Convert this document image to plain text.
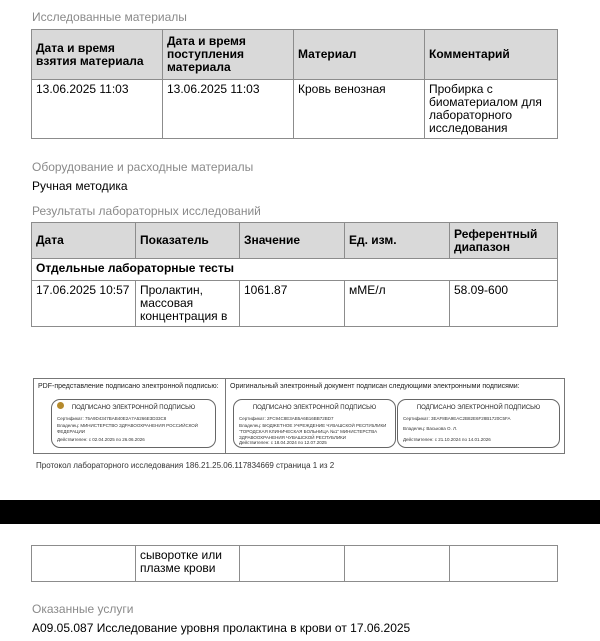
Исследованные материалы
Дата и время взятия материала	Дата и время поступления материала	Материал	Комментарий
13.06.2025 11:03	13.06.2025 11:03	Кровь венозная	Пробирка с биоматериалом для лабораторного исследования
Оборудование и расходные материалы
Ручная методика
Результаты лабораторных исследований
Дата	Показатель	Значение	Ед. изм.	Референтный диапазон
Отдельные лабораторные тесты				
17.06.2025 10:57	Пролактин, массовая концентрация в	1061.87	мМЕ/л	58.09-600
PDF-представление подписано электронной подписью: Оригинальный электронный документ подписан следующими электронными подписями:
ПОДПИСАНО ЭЛЕКТРОННОЙ ПОДПИСЬЮ
Сертификат: 75A9D4347BAB40E2A7A5266E3D33C8
Владелец: МИНИСТЕРСТВО ЗДРАВООХРАНЕНИЯ РОССИЙСКОЙ ФЕДЕРАЦИИ
Действителен: с 02.04.2025 по 26.06.2026
ПОДПИСАНО ЭЛЕКТРОННОЙ ПОДПИСЬЮ
Сертификат: 2FC94C8E3AB5A6B16BB72BD7
Владелец: БЮДЖЕТНОЕ УЧРЕЖДЕНИЕ ЧУВАШСКОЙ РЕСПУБЛИКИ "ГОРОДСКАЯ КЛИНИЧЕСКАЯ БОЛЬНИЦА №1" МИНИСТЕРСТВА ЗДРАВООХРАНЕНИЯ ЧУВАШСКОЙ РЕСПУБЛИКИ
Действителен: с 18.04.2024 по 12.07.2025
ПОДПИСАНО ЭЛЕКТРОННОЙ ПОДПИСЬЮ
Сертификат: 3EAF8BA9EAC2B82E6F28B1720C5FA
Владелец: Васькова О. Л.
Действителен: с 21.10.2024 по 14.01.2026
Протокол лабораторного исследования 186.21.25.06.117834669 страница 1 из 2
	сыворотке или плазме крови			
Оказанные услуги
A09.05.087 Исследование уровня пролактина в крови от 17.06.2025
